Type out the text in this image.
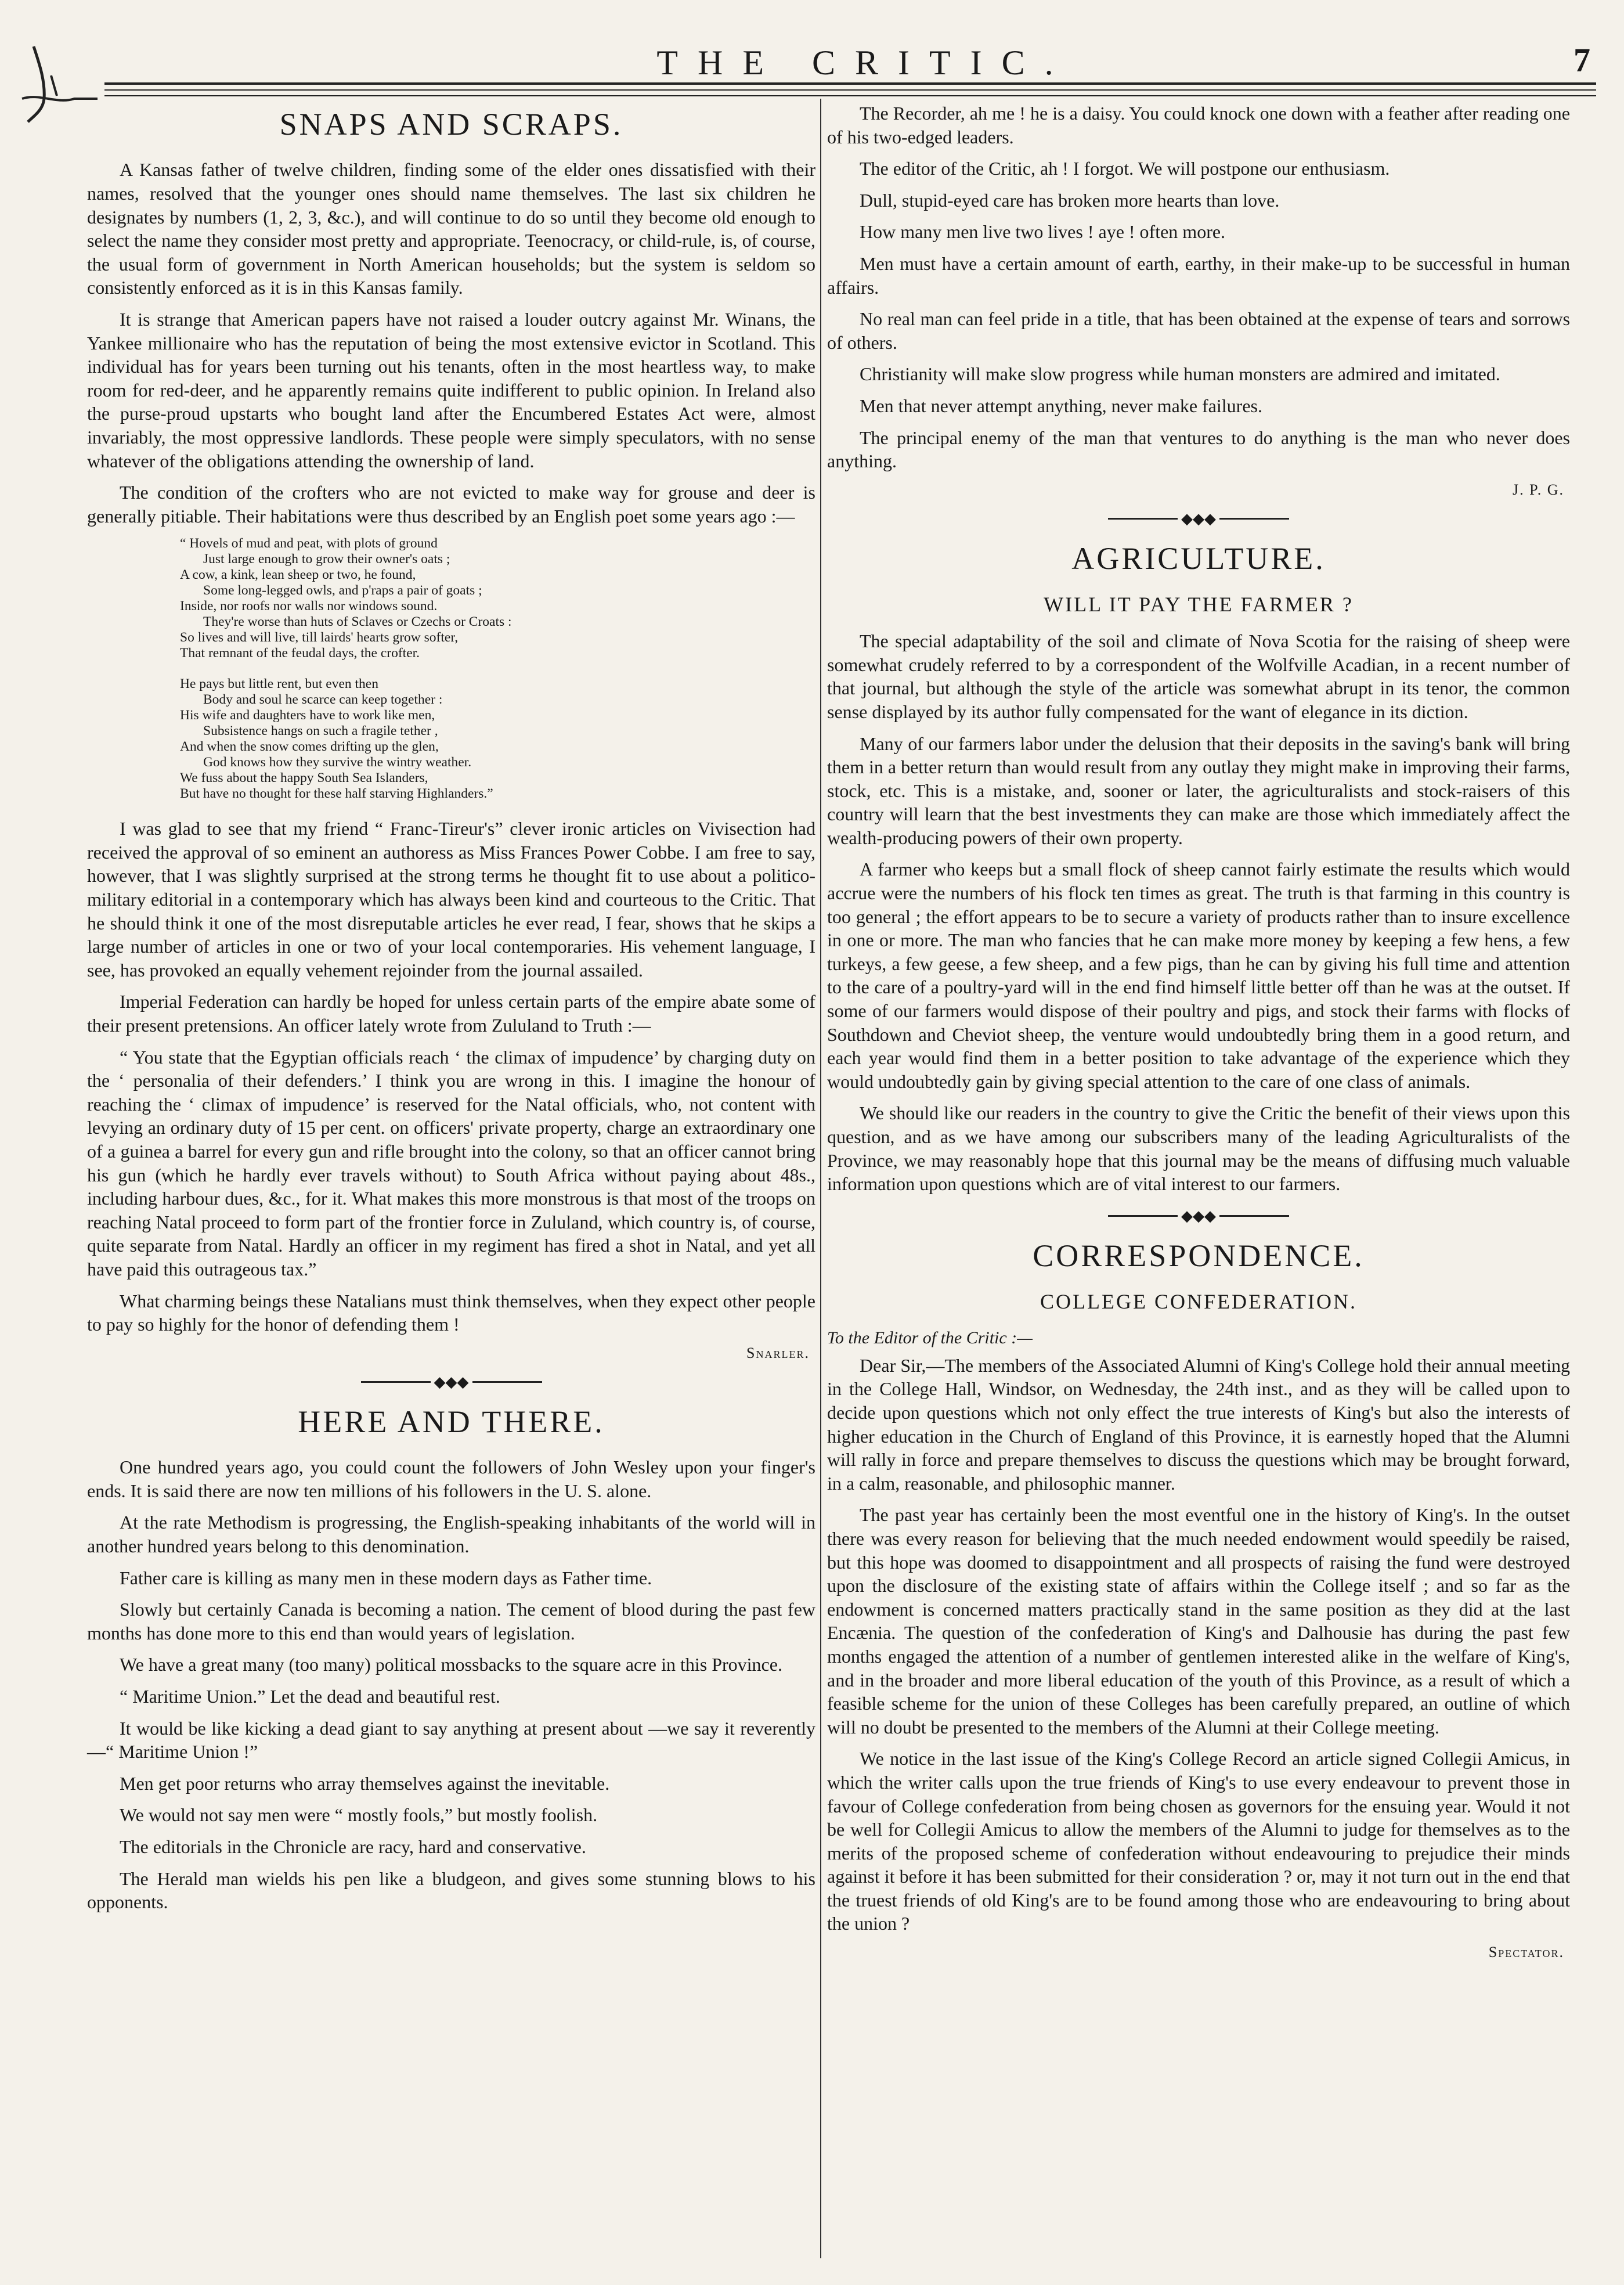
THE CRITIC.	7
SNAPS AND SCRAPS.

A Kansas father of twelve children, finding some of the elder ones dissatisfied with their names, resolved that the younger ones should name themselves. The last six children he designates by numbers (1, 2, 3, &c.), and will continue to do so until they become old enough to select the name they consider most pretty and appropriate. Teenocracy, or child-rule, is, of course, the usual form of government in North American households; but the system is seldom so consistently enforced as it is in this Kansas family.

It is strange that American papers have not raised a louder outcry against Mr. Winans, the Yankee millionaire who has the reputation of being the most extensive evictor in Scotland. This individual has for years been turning out his tenants, often in the most heartless way, to make room for red-deer, and he apparently remains quite indifferent to public opinion. In Ireland also the purse-proud upstarts who bought land after the Encumbered Estates Act were, almost invariably, the most oppressive landlords. These people were simply speculators, with no sense whatever of the obligations attending the ownership of land.

The condition of the crofters who are not evicted to make way for grouse and deer is generally pitiable. Their habitations were thus described by an English poet some years ago :—

“ Hovels of mud and peat, with plots of ground
Just large enough to grow their owner's oats ;
A cow, a kink, lean sheep or two, he found,
Some long-legged owls, and p'raps a pair of goats ;
Inside, nor roofs nor walls nor windows sound.
They're worse than huts of Sclaves or Czechs or Croats :
So lives and will live, till lairds' hearts grow softer,
That remnant of the feudal days, the crofter.
He pays but little rent, but even then
Body and soul he scarce can keep together :
His wife and daughters have to work like men,
Subsistence hangs on such a fragile tether ,
And when the snow comes drifting up the glen,
God knows how they survive the wintry weather.
We fuss about the happy South Sea Islanders,
But have no thought for these half starving Highlanders.”

I was glad to see that my friend “ Franc-Tireur's” clever ironic articles on Vivisection had received the approval of so eminent an authoress as Miss Frances Power Cobbe. I am free to say, however, that I was slightly surprised at the strong terms he thought fit to use about a politico-military editorial in a contemporary which has always been kind and courteous to the Critic. That he should think it one of the most disreputable articles he ever read, I fear, shows that he skips a large number of articles in one or two of your local contemporaries. His vehement language, I see, has provoked an equally vehement rejoinder from the journal assailed.

Imperial Federation can hardly be hoped for unless certain parts of the empire abate some of their present pretensions. An officer lately wrote from Zululand to Truth :—

“ You state that the Egyptian officials reach ‘ the climax of impudence’ by charging duty on the ‘ personalia of their defenders.’ I think you are wrong in this. I imagine the honour of reaching the ‘ climax of impudence’ is reserved for the Natal officials, who, not content with levying an ordinary duty of 15 per cent. on officers' private property, charge an extraordinary one of a guinea a barrel for every gun and rifle brought into the colony, so that an officer cannot bring his gun (which he hardly ever travels without) to South Africa without paying about 48s., including harbour dues, &c., for it. What makes this more monstrous is that most of the troops on reaching Natal proceed to form part of the frontier force in Zululand, which country is, of course, quite separate from Natal. Hardly an officer in my regiment has fired a shot in Natal, and yet all have paid this outrageous tax.”

What charming beings these Natalians must think themselves, when they expect other people to pay so highly for the honor of defending them !

Snarler.
◆◆◆
HERE AND THERE.

One hundred years ago, you could count the followers of John Wesley upon your finger's ends. It is said there are now ten millions of his followers in the U. S. alone.

At the rate Methodism is progressing, the English-speaking inhabitants of the world will in another hundred years belong to this denomination.

Father care is killing as many men in these modern days as Father time.

Slowly but certainly Canada is becoming a nation. The cement of blood during the past few months has done more to this end than would years of legislation.

We have a great many (too many) political mossbacks to the square acre in this Province.

“ Maritime Union.” Let the dead and beautiful rest.

It would be like kicking a dead giant to say anything at present about —we say it reverently—“ Maritime Union !”

Men get poor returns who array themselves against the inevitable.

We would not say men were “ mostly fools,” but mostly foolish.

The editorials in the Chronicle are racy, hard and conservative.

The Herald man wields his pen like a bludgeon, and gives some stunning blows to his opponents.

The Recorder, ah me ! he is a daisy. You could knock one down with a feather after reading one of his two-edged leaders.

The editor of the Critic, ah ! I forgot. We will postpone our enthusiasm.

Dull, stupid-eyed care has broken more hearts than love.

How many men live two lives ! aye ! often more.

Men must have a certain amount of earth, earthy, in their make-up to be successful in human affairs.

No real man can feel pride in a title, that has been obtained at the expense of tears and sorrows of others.

Christianity will make slow progress while human monsters are admired and imitated.

Men that never attempt anything, never make failures.

The principal enemy of the man that ventures to do anything is the man who never does anything.

J. P. G.
◆◆◆
AGRICULTURE.
WILL IT PAY THE FARMER ?

The special adaptability of the soil and climate of Nova Scotia for the raising of sheep were somewhat crudely referred to by a correspondent of the Wolfville Acadian, in a recent number of that journal, but although the style of the article was somewhat abrupt in its tenor, the common sense displayed by its author fully compensated for the want of elegance in its diction.

Many of our farmers labor under the delusion that their deposits in the saving's bank will bring them in a better return than would result from any outlay they might make in improving their farms, stock, etc. This is a mistake, and, sooner or later, the agriculturalists and stock-raisers of this country will learn that the best investments they can make are those which immediately affect the wealth-producing powers of their own property.

A farmer who keeps but a small flock of sheep cannot fairly estimate the results which would accrue were the numbers of his flock ten times as great. The truth is that farming in this country is too general ; the effort appears to be to secure a variety of products rather than to insure excellence in one or more. The man who fancies that he can make more money by keeping a few hens, a few turkeys, a few geese, a few sheep, and a few pigs, than he can by giving his full time and attention to the care of a poultry-yard will in the end find himself little better off than he was at the outset. If some of our farmers would dispose of their poultry and pigs, and stock their farms with flocks of Southdown and Cheviot sheep, the venture would undoubtedly bring them in a good return, and each year would find them in a better position to take advantage of the experience which they would undoubtedly gain by giving special attention to the care of one class of animals.

We should like our readers in the country to give the Critic the benefit of their views upon this question, and as we have among our subscribers many of the leading Agriculturalists of the Province, we may reasonably hope that this journal may be the means of diffusing much valuable information upon questions which are of vital interest to our farmers.

◆◆◆
CORRESPONDENCE.
COLLEGE CONFEDERATION.

To the Editor of the Critic :—

Dear Sir,—The members of the Associated Alumni of King's College hold their annual meeting in the College Hall, Windsor, on Wednesday, the 24th inst., and as they will be called upon to decide upon questions which not only effect the true interests of King's but also the interests of higher education in the Church of England of this Province, it is earnestly hoped that the Alumni will rally in force and prepare themselves to discuss the questions which may be brought forward, in a calm, reasonable, and philosophic manner.

The past year has certainly been the most eventful one in the history of King's. In the outset there was every reason for believing that the much needed endowment would speedily be raised, but this hope was doomed to disappointment and all prospects of raising the fund were destroyed upon the disclosure of the existing state of affairs within the College itself ; and so far as the endowment is concerned matters practically stand in the same position as they did at the last Encænia. The question of the confederation of King's and Dalhousie has during the past few months engaged the attention of a number of gentlemen interested alike in the welfare of King's, and in the broader and more liberal education of the youth of this Province, as a result of which a feasible scheme for the union of these Colleges has been carefully prepared, an outline of which will no doubt be presented to the members of the Alumni at their College meeting.

We notice in the last issue of the King's College Record an article signed Collegii Amicus, in which the writer calls upon the true friends of King's to use every endeavour to prevent those in favour of College confederation from being chosen as governors for the ensuing year. Would it not be well for Collegii Amicus to allow the members of the Alumni to judge for themselves as to the merits of the proposed scheme of confederation without endeavouring to prejudice their minds against it before it has been submitted for their consideration ? or, may it not turn out in the end that the truest friends of old King's are to be found among those who are endeavouring to bring about the union ?

Spectator.
